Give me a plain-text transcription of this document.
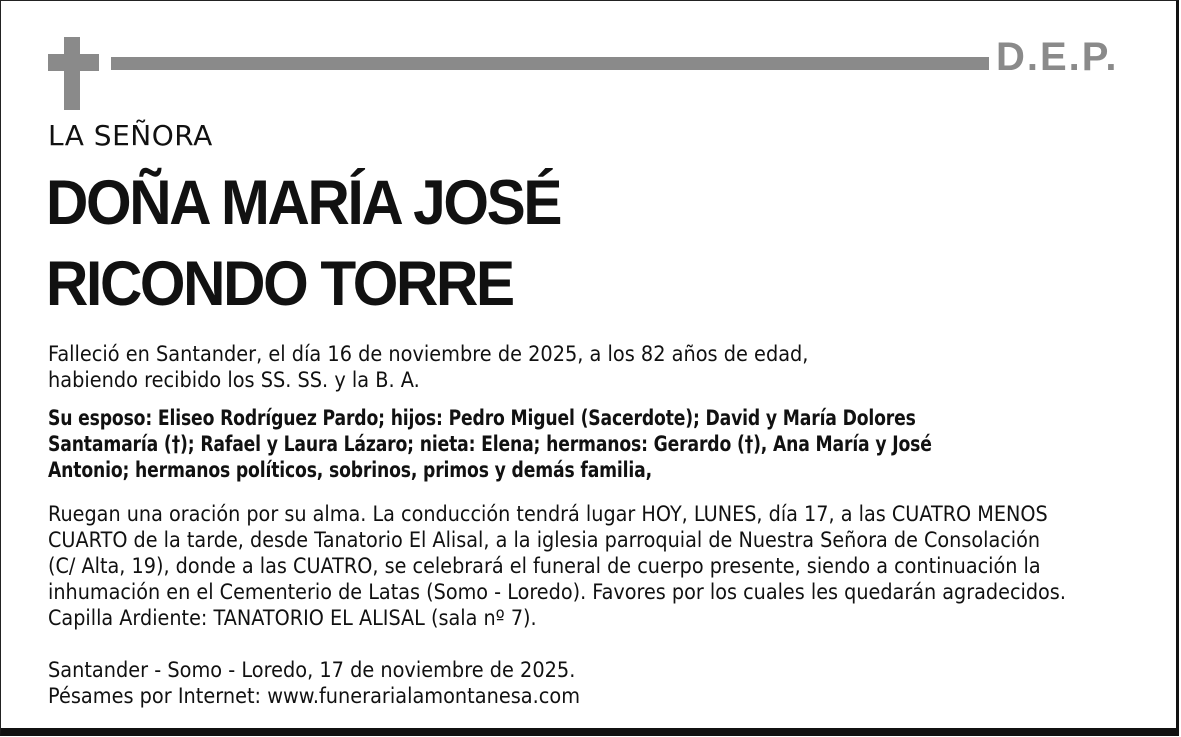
D.E.P.
LA SEÑORA
DOÑA MARÍA JOSÉ
RICONDO TORRE

Falleció en Santander, el día 16 de noviembre de 2025, a los 82 años de edad,
habiendo recibido los SS. SS. y la B. A.

Su esposo: Eliseo Rodríguez Pardo; hijos: Pedro Miguel (Sacerdote); David y María Dolores
Santamaría (†); Rafael y Laura Lázaro; nieta: Elena; hermanos: Gerardo (†), Ana María y José
Antonio; hermanos políticos, sobrinos, primos y demás familia,

Ruegan una oración por su alma. La conducción tendrá lugar HOY, LUNES, día 17, a las CUATRO MENOS
CUARTO de la tarde, desde Tanatorio El Alisal, a la iglesia parroquial de Nuestra Señora de Consolación
(C/ Alta, 19), donde a las CUATRO, se celebrará el funeral de cuerpo presente, siendo a continuación la
inhumación en el Cementerio de Latas (Somo - Loredo). Favores por los cuales les quedarán agradecidos.
Capilla Ardiente: TANATORIO EL ALISAL (sala nº 7).

Santander - Somo - Loredo, 17 de noviembre de 2025.
Pésames por Internet: www.funerarialamontanesa.com
